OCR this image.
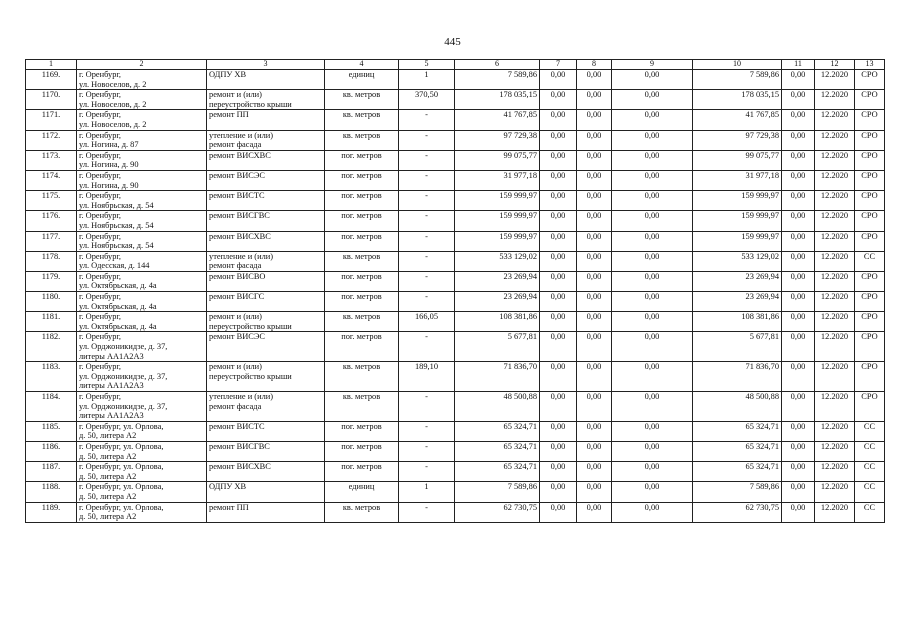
445
1	2	3	4	5	6	7	8	9	10	11	12	13
1169.	г. Оренбург,
ул. Новоселов, д. 2	ОДПУ ХВ	единиц	1	7 589,86	0,00	0,00	0,00	7 589,86	0,00	12.2020	СРО
1170.	г. Оренбург,
ул. Новоселов, д. 2	ремонт и (или)
переустройство крыши	кв. метров	370,50	178 035,15	0,00	0,00	0,00	178 035,15	0,00	12.2020	СРО
1171.	г. Оренбург,
ул. Новоселов, д. 2	ремонт ПП	кв. метров	-	41 767,85	0,00	0,00	0,00	41 767,85	0,00	12.2020	СРО
1172.	г. Оренбург,
ул. Ногина, д. 87	утепление и (или)
ремонт фасада	кв. метров	-	97 729,38	0,00	0,00	0,00	97 729,38	0,00	12.2020	СРО
1173.	г. Оренбург,
ул. Ногина, д. 90	ремонт ВИСХВС	пог. метров	-	99 075,77	0,00	0,00	0,00	99 075,77	0,00	12.2020	СРО
1174.	г. Оренбург,
ул. Ногина, д. 90	ремонт ВИСЭС	пог. метров	-	31 977,18	0,00	0,00	0,00	31 977,18	0,00	12.2020	СРО
1175.	г. Оренбург,
ул. Ноябрьская, д. 54	ремонт ВИСТС	пог. метров	-	159 999,97	0,00	0,00	0,00	159 999,97	0,00	12.2020	СРО
1176.	г. Оренбург,
ул. Ноябрьская, д. 54	ремонт ВИСГВС	пог. метров	-	159 999,97	0,00	0,00	0,00	159 999,97	0,00	12.2020	СРО
1177.	г. Оренбург,
ул. Ноябрьская, д. 54	ремонт ВИСХВС	пог. метров	-	159 999,97	0,00	0,00	0,00	159 999,97	0,00	12.2020	СРО
1178.	г. Оренбург,
ул. Одесская, д. 144	утепление и (или)
ремонт фасада	кв. метров	-	533 129,02	0,00	0,00	0,00	533 129,02	0,00	12.2020	СС
1179.	г. Оренбург,
ул. Октябрьская, д. 4а	ремонт ВИСВО	пог. метров	-	23 269,94	0,00	0,00	0,00	23 269,94	0,00	12.2020	СРО
1180.	г. Оренбург,
ул. Октябрьская, д. 4а	ремонт ВИСГС	пог. метров	-	23 269,94	0,00	0,00	0,00	23 269,94	0,00	12.2020	СРО
1181.	г. Оренбург,
ул. Октябрьская, д. 4а	ремонт и (или)
переустройство крыши	кв. метров	166,05	108 381,86	0,00	0,00	0,00	108 381,86	0,00	12.2020	СРО
1182.	г. Оренбург,
ул. Орджоникидзе, д. 37,
литеры АА1А2А3	ремонт ВИСЭС	пог. метров	-	5 677,81	0,00	0,00	0,00	5 677,81	0,00	12.2020	СРО
1183.	г. Оренбург,
ул. Орджоникидзе, д. 37,
литеры АА1А2А3	ремонт и (или)
переустройство крыши	кв. метров	189,10	71 836,70	0,00	0,00	0,00	71 836,70	0,00	12.2020	СРО
1184.	г. Оренбург,
ул. Орджоникидзе, д. 37,
литеры АА1А2А3	утепление и (или)
ремонт фасада	кв. метров	-	48 500,88	0,00	0,00	0,00	48 500,88	0,00	12.2020	СРО
1185.	г. Оренбург, ул. Орлова,
д. 50, литера А2	ремонт ВИСТС	пог. метров	-	65 324,71	0,00	0,00	0,00	65 324,71	0,00	12.2020	СС
1186.	г. Оренбург, ул. Орлова,
д. 50, литера А2	ремонт ВИСГВС	пог. метров	-	65 324,71	0,00	0,00	0,00	65 324,71	0,00	12.2020	СС
1187.	г. Оренбург, ул. Орлова,
д. 50, литера А2	ремонт ВИСХВС	пог. метров	-	65 324,71	0,00	0,00	0,00	65 324,71	0,00	12.2020	СС
1188.	г. Оренбург, ул. Орлова,
д. 50, литера А2	ОДПУ ХВ	единиц	1	7 589,86	0,00	0,00	0,00	7 589,86	0,00	12.2020	СС
1189.	г. Оренбург, ул. Орлова,
д. 50, литера А2	ремонт ПП	кв. метров	-	62 730,75	0,00	0,00	0,00	62 730,75	0,00	12.2020	СС
